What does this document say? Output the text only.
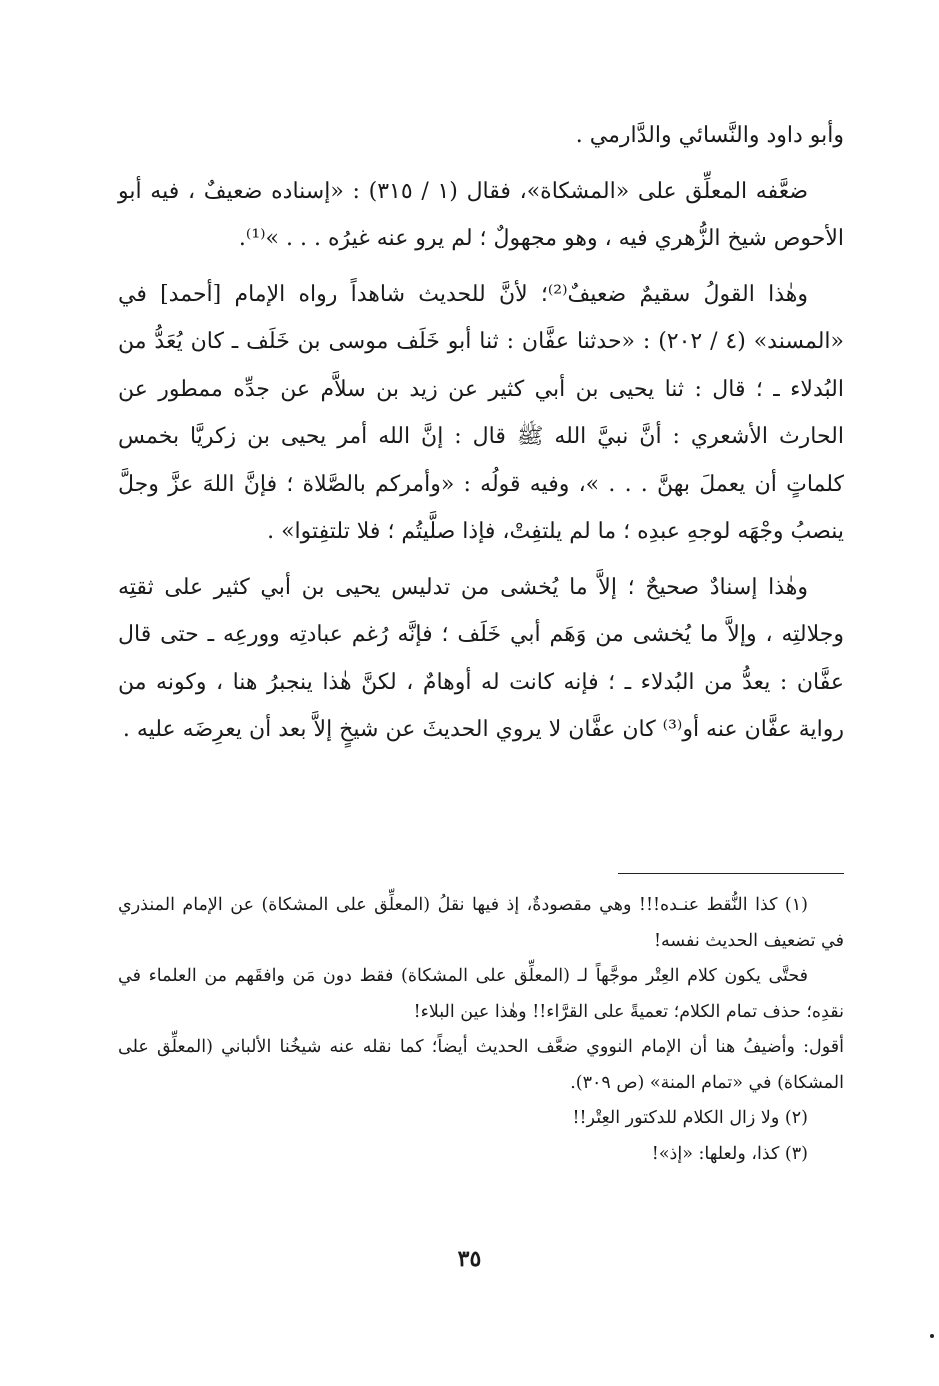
وأبو داود والنَّسائي والدَّارمي .

ضعَّفه المعلِّق على «المشكاة»، فقال (١ / ٣١٥) : «إسناده ضعيفٌ ، فيه أبو الأحوص شيخ الزُّهري فيه ، وهو مجهولٌ ؛ لم يرو عنه غيرُه . . . »⁽¹⁾.

وهٰذا القولُ سقيمٌ ضعيفٌ⁽²⁾؛ لأنَّ للحديث شاهداً رواه الإمام [أحمد] في «المسند» (٤ / ٢٠٢) : «حدثنا عفَّان : ثنا أبو خَلَف موسى بن خَلَف ـ كان يُعَدُّ من البُدلاء ـ ؛ قال : ثنا يحيى بن أبي كثير عن زيد بن سلاَّم عن جدِّه ممطور عن الحارث الأشعري : أنَّ نبيَّ الله ﷺ قال : إنَّ الله أمر يحيى بن زكريَّا بخمس كلماتٍ أن يعملَ بهنَّ . . . »، وفيه قولُه : «وأمركم بالصَّلاة ؛ فإنَّ اللهَ عزَّ وجلَّ ينصبُ وجْهَه لوجهِ عبدِه ؛ ما لم يلتفِتْ، فإذا صلَّيتُم ؛ فلا تلتفِتوا» .

وهٰذا إسنادٌ صحيحٌ ؛ إلاَّ ما يُخشى من تدليس يحيى بن أبي كثير على ثقتِه وجلالتِه ، وإلاَّ ما يُخشى من وَهَم أبي خَلَف ؛ فإنَّه رُغم عبادتِه وورعِه ـ حتى قال عفَّان : يعدُّ من البُدلاء ـ ؛ فإنه كانت له أوهامٌ ، لكنَّ هٰذا ينجبرُ هنا ، وكونه من رواية عفَّان عنه أو⁽³⁾ كان عفَّان لا يروي الحديثَ عن شيخٍ إلاَّ بعد أن يعرِضَه عليه .

(١) كذا النُّقط عنـده!!! وهي مقصودةٌ، إذ فيها نقلُ (المعلِّق على المشكاة) عن الإمام المنذري في تضعيف الحديث نفسه!

فحتَّى يكون كلام العِتْر موجَّهاً لـ (المعلِّق على المشكاة) فقط دون مَن وافقَهم من العلماء في نقدِه؛ حذف تمام الكلام؛ تعميةً على القرَّاء!! وهٰذا عين البلاء!

أقول: وأضيفُ هنا أن الإمام النووي ضعَّف الحديث أيضاً؛ كما نقله عنه شيخُنا الألباني (المعلِّق على المشكاة) في «تمام المنة» (ص ٣٠٩).

(٢) ولا زال الكلام للدكتور العِتْر!!

(٣) كذا، ولعلها: «إذ»!

٣٥
